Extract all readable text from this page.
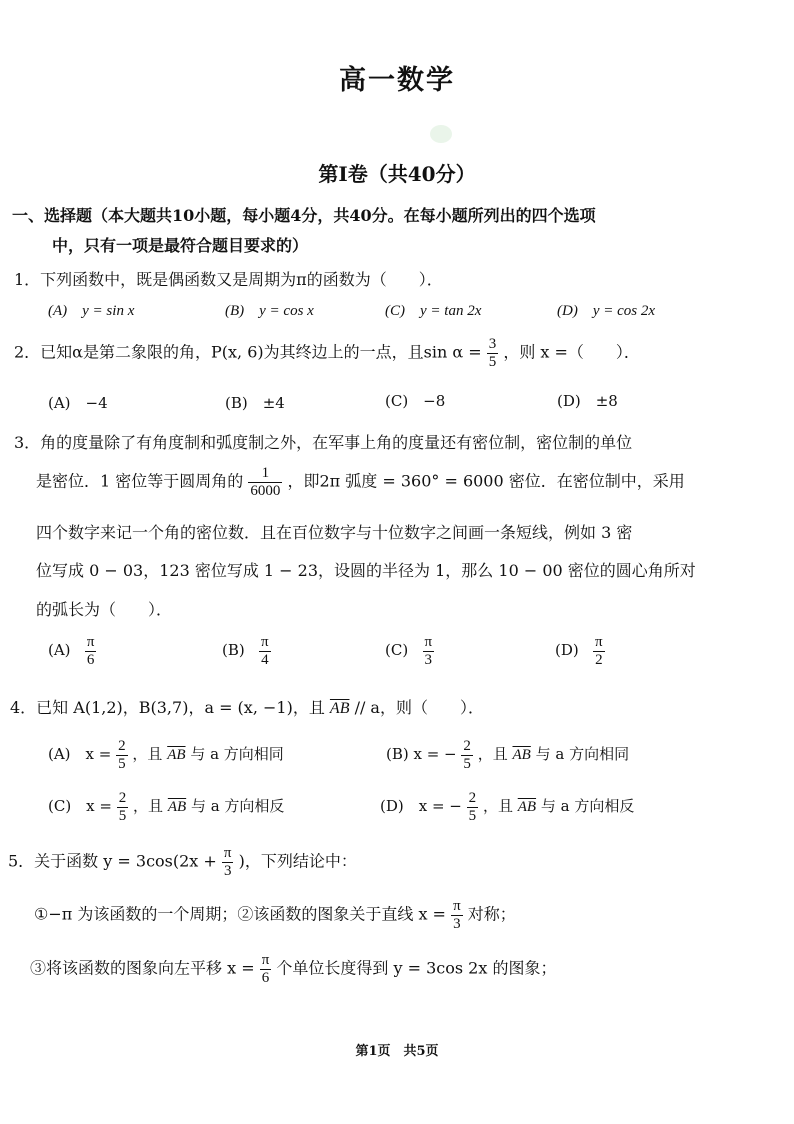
高一数学
第Ⅰ卷（共40分）
一、选择题（本大题共10小题，每小题4分，共40分。在每小题所列出的四个选项
中，只有一项是最符合题目要求的）
1．下列函数中，既是偶函数又是周期为π的函数为（　　）．
(A)　y = sin x	(B)　y = cos x	(C)　y = tan 2x	(D)　y = cos 2x
2．已知α是第二象限的角，P(x, 6)为其终边上的一点，且$\sin \alpha = \frac{3}{5}$ ，则 x =（　　）．
(A)　−4	(B)　±4	(C)　−8	(D)　±8
3．角的度量除了有角度制和弧度制之外，在军事上角的度量还有密位制，密位制的单位
是密位．1 密位等于圆周角的 $\frac{1}{6000}$ ，即2π 弧度 = 360° = 6000 密位．在密位制中，采用
四个数字来记一个角的密位数．且在百位数字与十位数字之间画一条短线，例如 3 密
位写成 0 − 03，123 密位写成 1 − 23，设圆的半径为 1，那么 10 − 00 密位的圆心角所对
的弧长为（　　）．
$(A) \frac{\pi}{6}$	$(B) \frac{\pi}{4}$	$(C) \frac{\pi}{3}$	$(D) \frac{\pi}{2}$
4．已知 A(1,2)，B(3,7)，a = (x, −1)，且 $\overline{AB}$ // a，则（　　）．
(A)　$x = \frac{2}{5}$ ，且 $\overline{AB}$ 与 a 方向相同	(B) x = − $\frac{2}{5}$ ，且 $\overline{AB}$ 与 a 方向相同
(C)　$x = \frac{2}{5}$ ，且 $\overline{AB}$ 与 a 方向相反	(D)　x = − $\frac{2}{5}$ ，且 $\overline{AB}$ 与 a 方向相反
5．关于函数 $y = 3\cos(2x + \frac{\pi}{3}$ )，下列结论中：
①−π 为该函数的一个周期；②该函数的图象关于直线 $x = \frac{\pi}{3}$ 对称；
③将该函数的图象向左平移 $x = \frac{\pi}{6}$ 个单位长度得到 y = 3cos 2x 的图象；
第1页　共5页
